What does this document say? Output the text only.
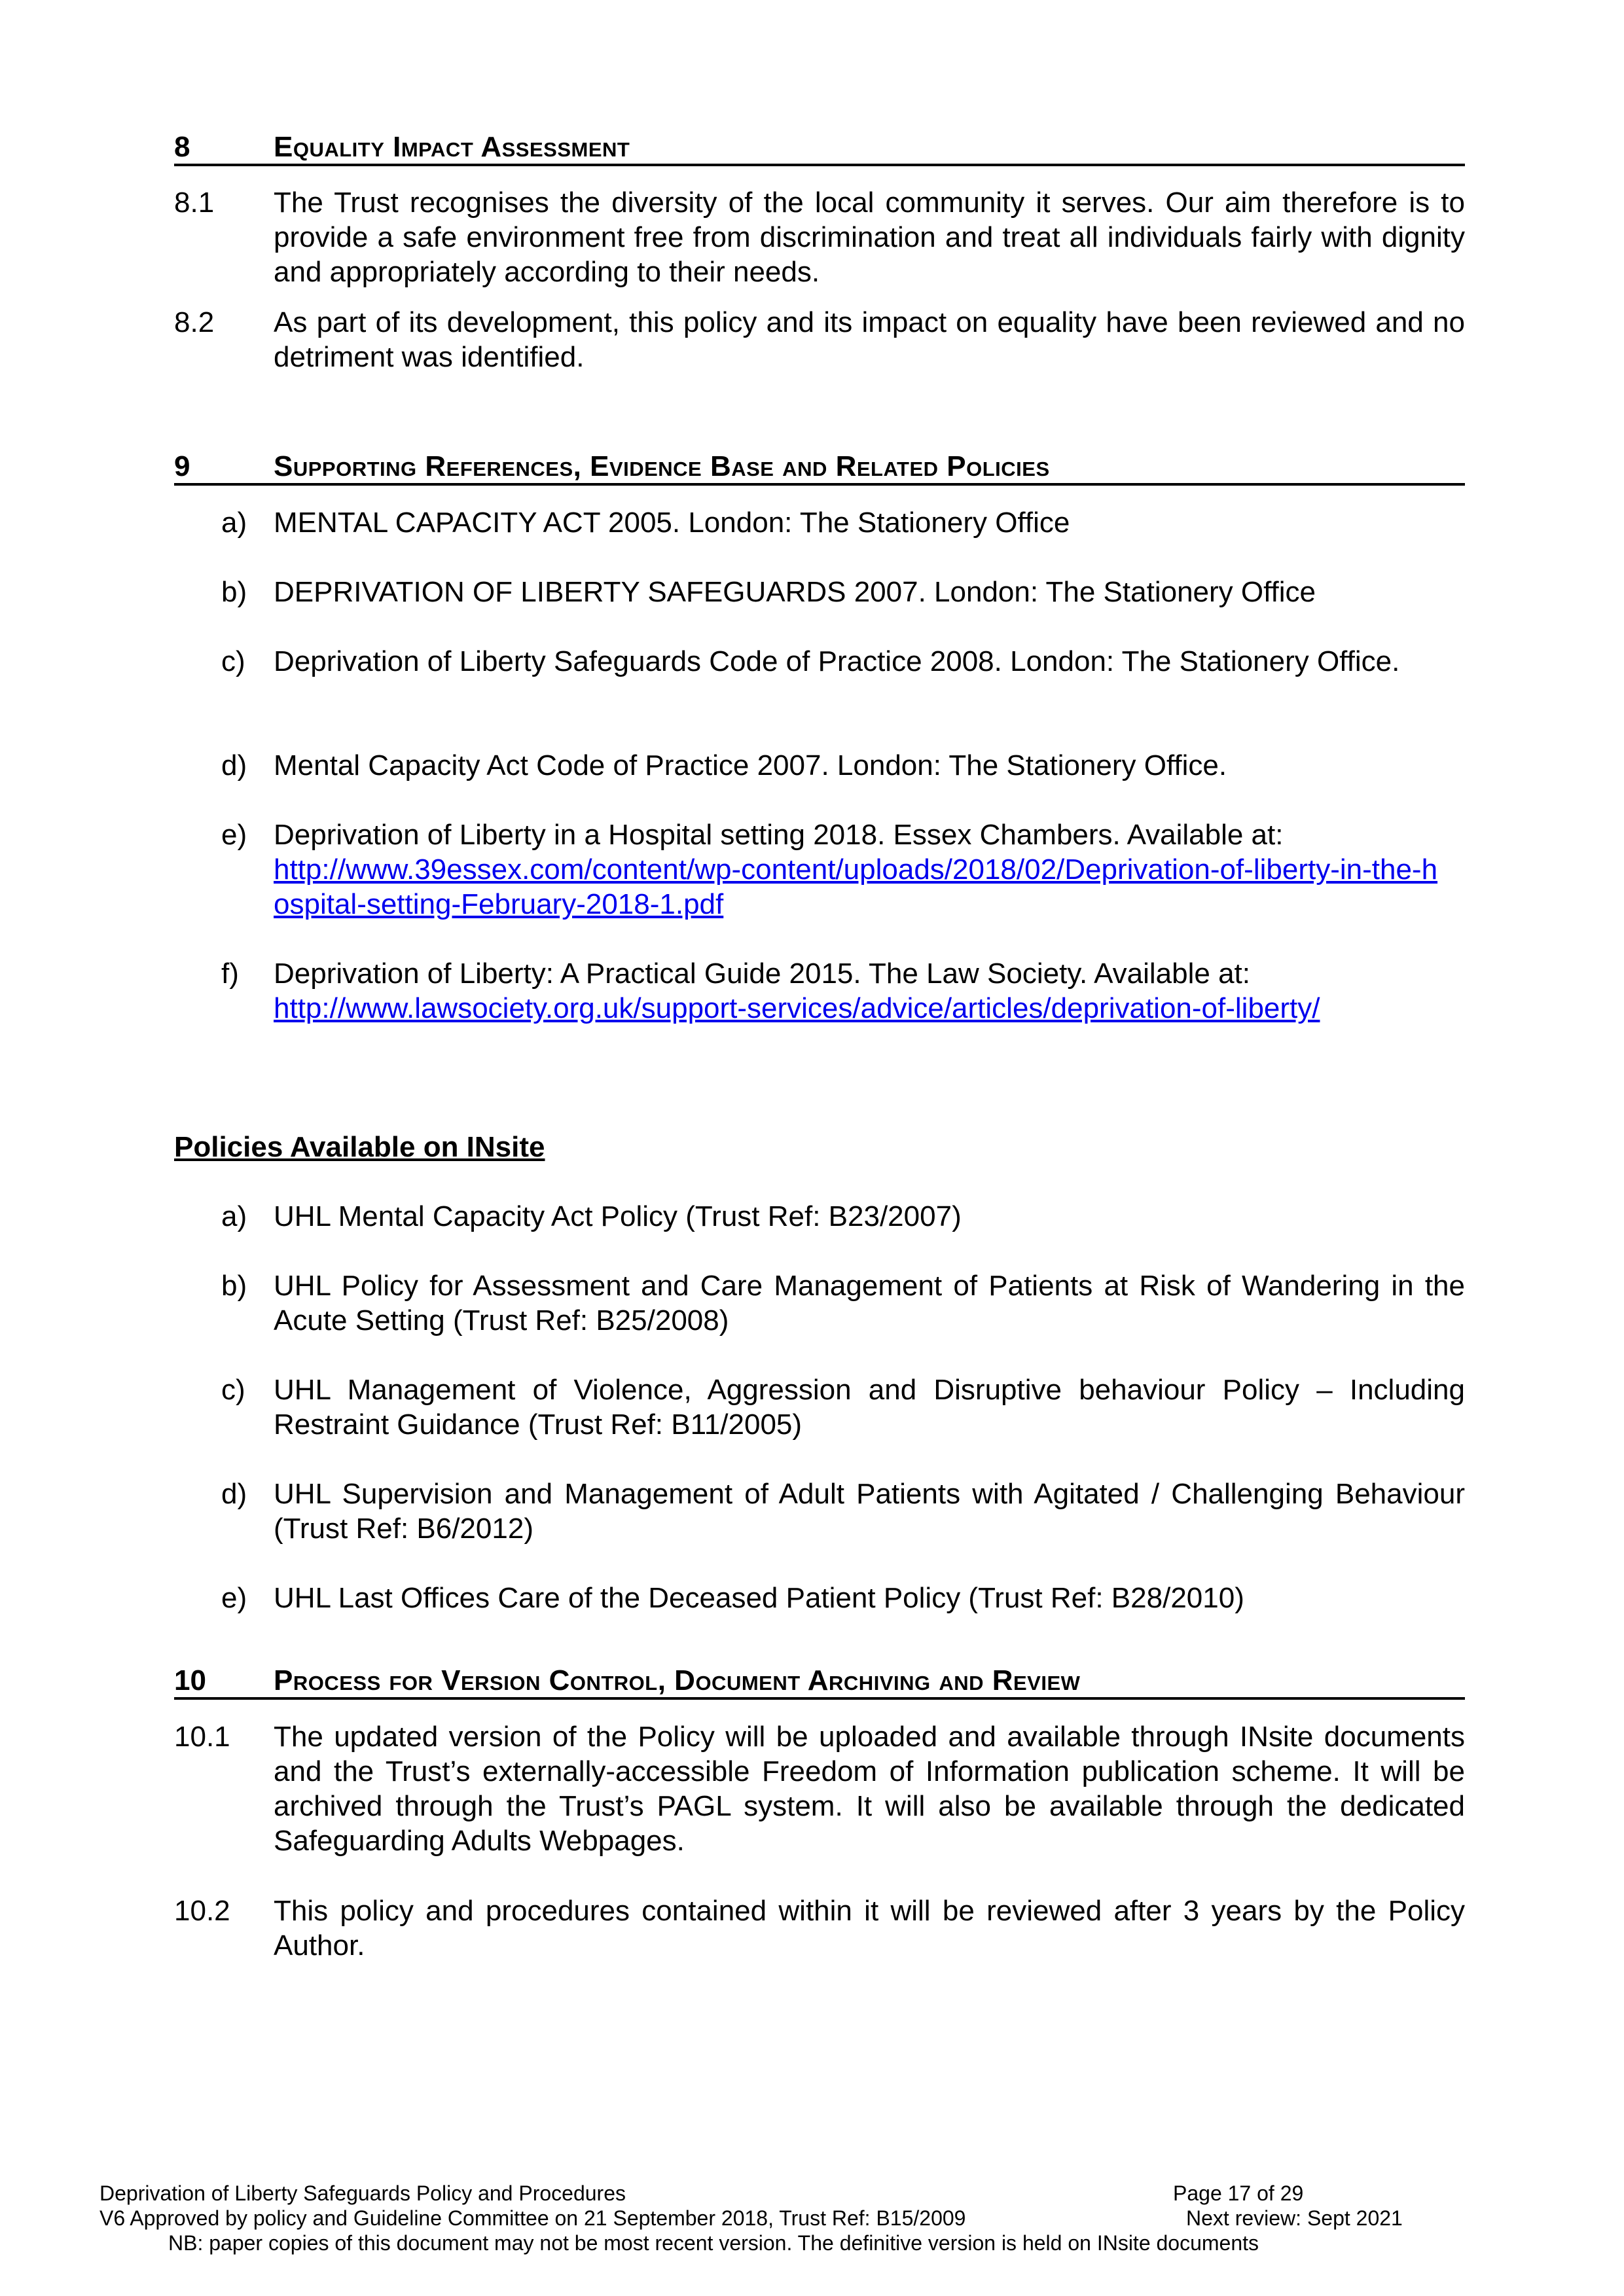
8	Equality Impact Assessment
8.1 The Trust recognises the diversity of the local community it serves. Our aim therefore is to provide a safe environment free from discrimination and treat all individuals fairly with dignity and appropriately according to their needs.
8.2 As part of its development, this policy and its impact on equality have been reviewed and no detriment was identified.
9	Supporting References, Evidence Base and Related Policies
a) MENTAL CAPACITY ACT 2005. London: The Stationery Office
b) DEPRIVATION OF LIBERTY SAFEGUARDS 2007. London: The Stationery Office
c) Deprivation of Liberty Safeguards Code of Practice 2008. London: The Stationery Office.
d) Mental Capacity Act Code of Practice 2007. London: The Stationery Office.
e) Deprivation of Liberty in a Hospital setting 2018. Essex Chambers. Available at:
http://www.39essex.com/content/wp-content/uploads/2018/02/Deprivation-of-liberty-in-the-hospital-setting-February-2018-1.pdf
f) Deprivation of Liberty: A Practical Guide 2015. The Law Society. Available at:
http://www.lawsociety.org.uk/support-services/advice/articles/deprivation-of-liberty/
Policies Available on INsite
a) UHL Mental Capacity Act Policy (Trust Ref: B23/2007)
b) UHL Policy for Assessment and Care Management of Patients at Risk of Wandering in the Acute Setting (Trust Ref: B25/2008)
c) UHL Management of Violence, Aggression and Disruptive behaviour Policy – Including Restraint Guidance (Trust Ref: B11/2005)
d) UHL Supervision and Management of Adult Patients with Agitated / Challenging Behaviour (Trust Ref: B6/2012)
e) UHL Last Offices Care of the Deceased Patient Policy (Trust Ref: B28/2010)
10 Process for Version Control, Document Archiving and Review
10.1 The updated version of the Policy will be uploaded and available through INsite documents and the Trust’s externally-accessible Freedom of Information publication scheme. It will be archived through the Trust’s PAGL system. It will also be available through the dedicated Safeguarding Adults Webpages.
10.2 This policy and procedures contained within it will be reviewed after 3 years by the Policy Author.
Deprivation of Liberty Safeguards Policy and Procedures	Page 17 of 29
V6 Approved by policy and Guideline Committee on 21 September 2018, Trust Ref: B15/2009	Next review: Sept 2021
NB: paper copies of this document may not be most recent version. The definitive version is held on INsite documents
